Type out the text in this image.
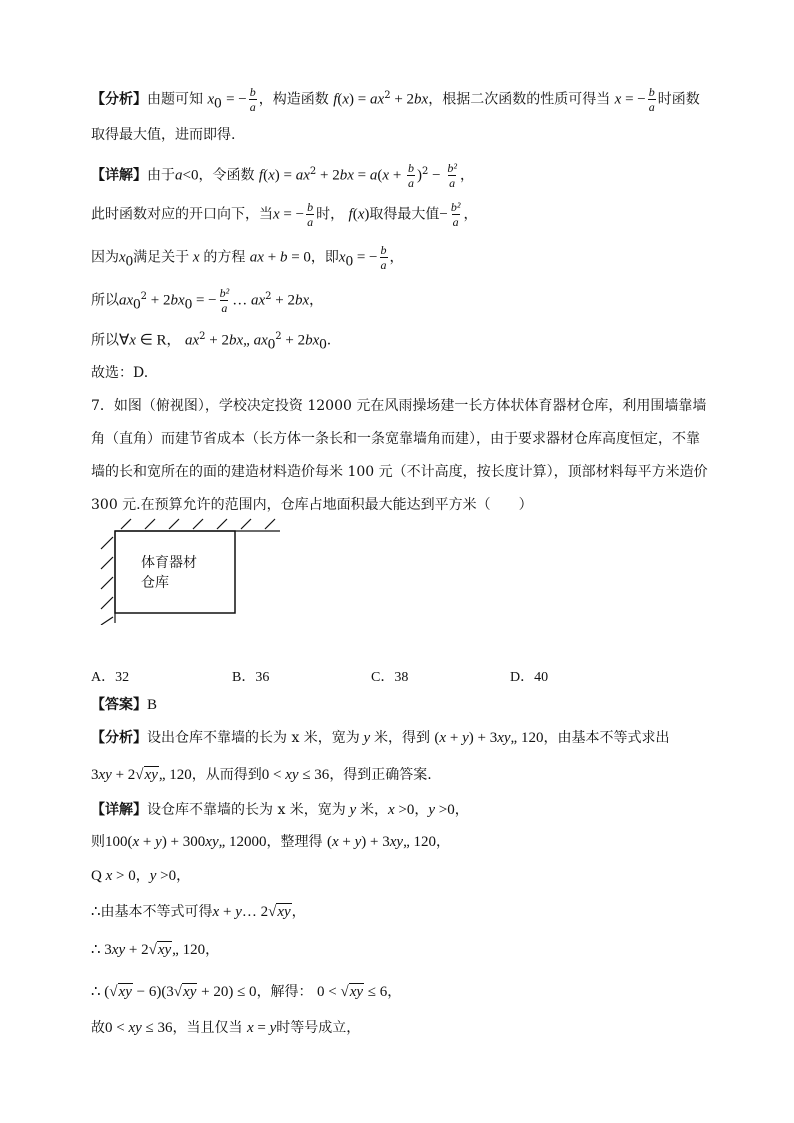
【分析】由题可知 $x_0$ = − $\frac{b}{a}$ ，构造函数 $f(x) = ax^2 + 2bx$，根据二次函数的性质可得当 x = − $\frac{b}{a}$ 时函数
取得最大值，进而即得.
【详解】由于a<0，令函数 $f(x) = ax^2 + 2bx = a(x + \frac{b}{a} )^2 - \frac{\text{b²}}{a}$ ，
此时函数对应的开口向下，当x = − $\frac{b}{a}$ 时， f(x)取得最大值− $\frac{\text{b²}}{a}$ ，
因为$x_0$满足关于 x 的方程 ax + b = 0，即$x_0$ = − $\frac{b}{a}$ ，
所以$ax_0^2 + 2bx_0$ = − $\frac{\text{b²}}{a}$ … $ax^2 + 2bx$，
所以∀x ∈ R， $ax^2$ + 2bx„ $ax_0^2 + 2bx_0$.
故选：D.
7．如图（俯视图），学校决定投资 12000 元在风雨操场建一长方体状体育器材仓库，利用围墙靠墙
角（直角）而建节省成本（长方体一条长和一条宽靠墙角而建），由于要求器材仓库高度恒定，不靠
墙的长和宽所在的面的建造材料造价每米 100 元（不计高度，按长度计算），顶部材料每平方米造价
300 元.在预算允许的范围内，仓库占地面积最大能达到平方米（　　）
体育器材
仓库
A．32	B．36	C．38	D．40
【答案】B
【分析】设出仓库不靠墙的长为 x 米，宽为 y 米，得到 (x + y) + 3xy„ 120，由基本不等式求出
3xy + 2√xy„ 120，从而得到0 < xy ≤ 36，得到正确答案.
【详解】设仓库不靠墙的长为 x 米，宽为 y 米，x >0，y >0，
则100(x + y) + 300xy„ 12000，整理得 (x + y) + 3xy„ 120，
Q x > 0，y >0，
∴由基本不等式可得x + y… 2√xy，
∴ 3xy + 2√xy„ 120，
∴ (√xy − 6)(3√xy + 20) ≤ 0，解得： 0 < √xy ≤ 6，
故0 < xy ≤ 36，当且仅当 x = y时等号成立，
